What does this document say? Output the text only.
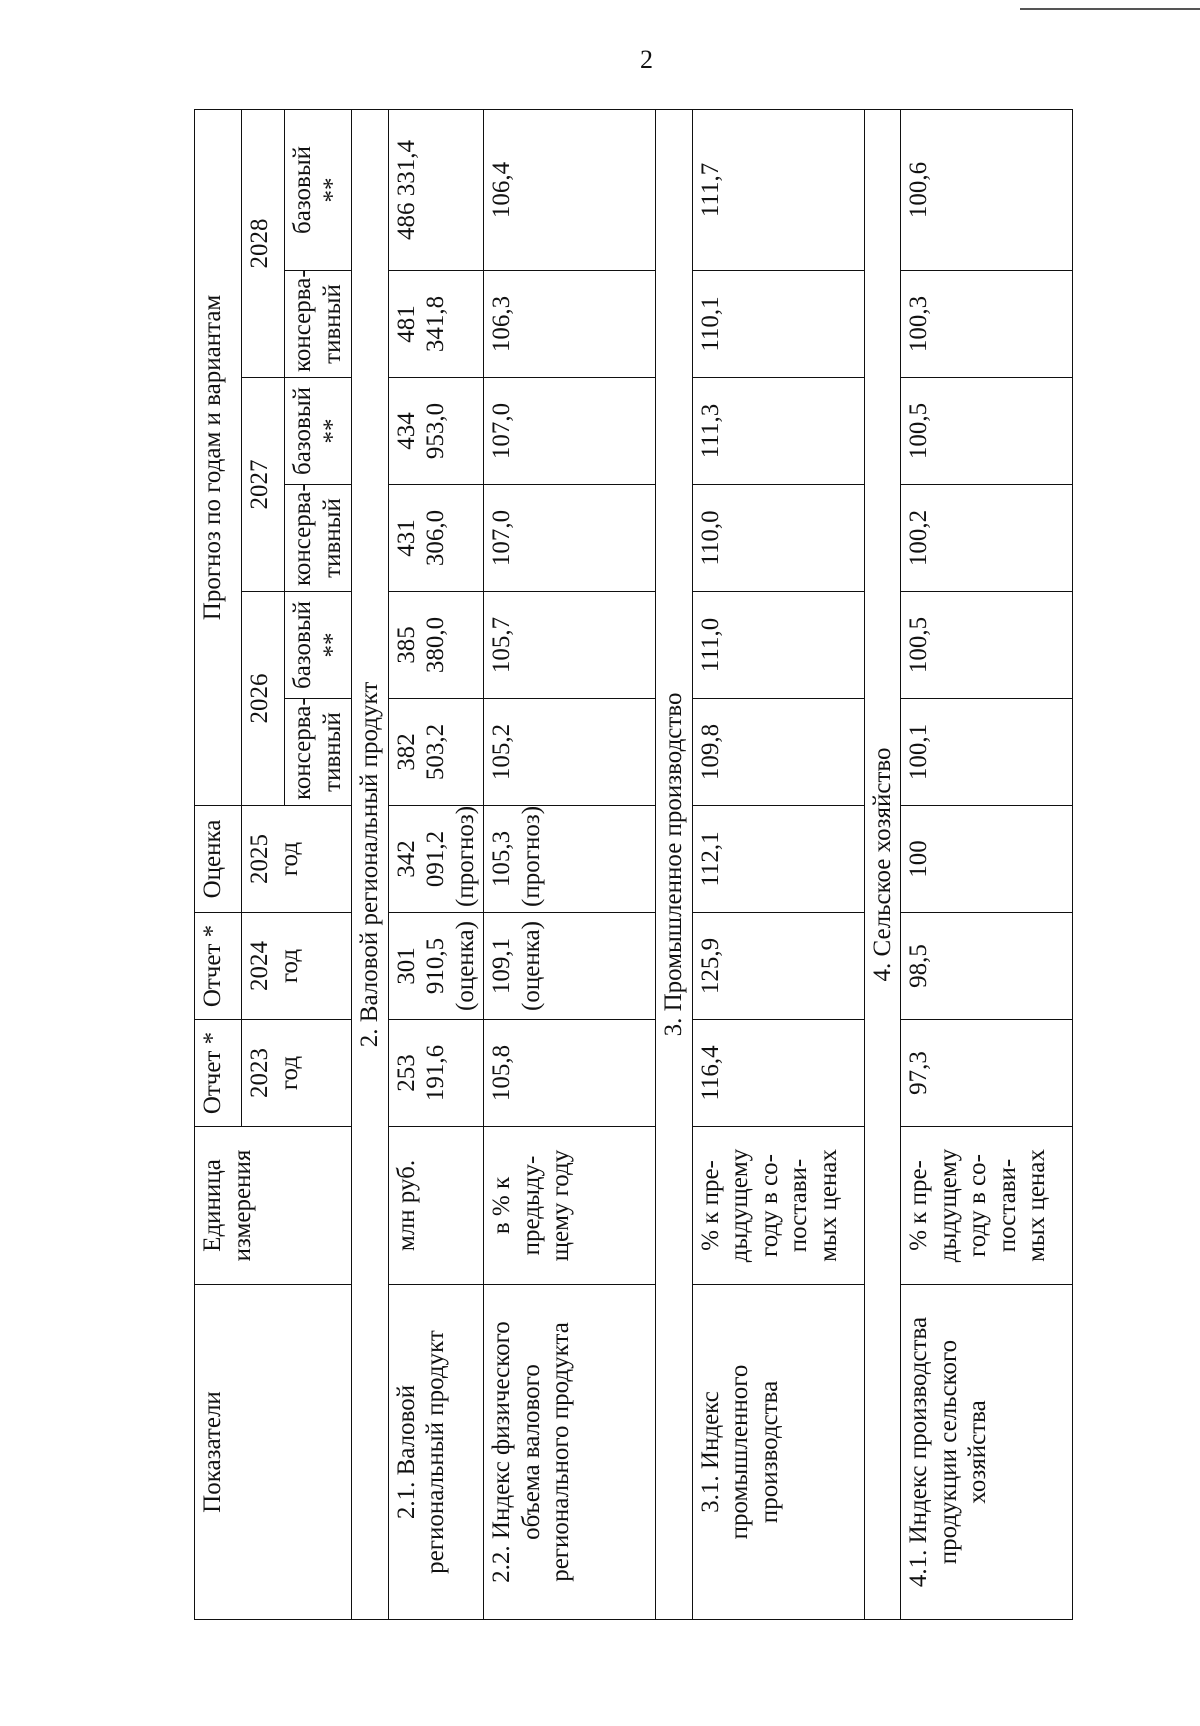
2
Показатели	Единица измерения	Отчет *	Отчет *	Оценка	Прогноз по годам и вариантам					

		2023 год	2024 год	2025 год	2026		2027		2028	

					консерва- тивный	базовый **	консерва- тивный	базовый **	консерва- тивный	базовый **

2. Валовой региональный продукт										

2.1. Валовой региональный продукт	млн руб.	253 191,6	301 910,5 (оценка)	342 091,2 (прогноз)	382 503,2	385 380,0	431 306,0	434 953,0	481 341,8	486 331,4

2.2. Индекс физического объема валового регионального продукта	в % к предыду- щему году	105,8	109,1 (оценка)	105,3 (прогноз)	105,2	105,7	107,0	107,0	106,3	106,4
3. Промышленное производство										

3.1. Индекс промышленного производства	% к пре- дыдущему году в со- постави- мых ценах	116,4	125,9	112,1	109,8	111,0	110,0	111,3	110,1	111,7
4. Сельское хозяйство										

4.1. Индекс производства продукции сельского хозяйства	% к пре- дыдущему году в со- постави- мых ценах	97,3	98,5	100	100,1	100,5	100,2	100,5	100,3	100,6
